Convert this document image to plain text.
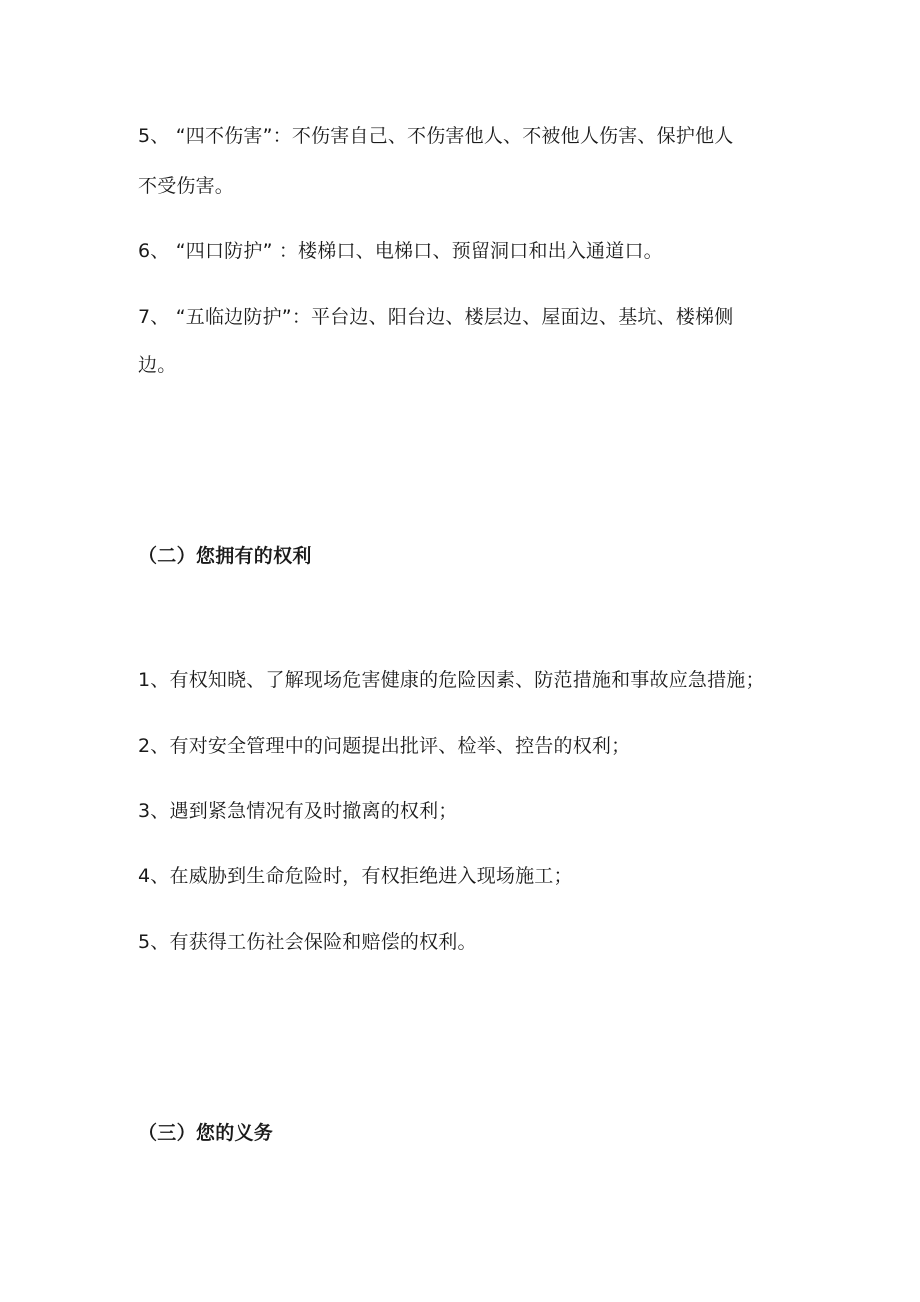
5、 “四不伤害”：不伤害自己、不伤害他人、不被他人伤害、保护他人
不受伤害。
6、 “四口防护” ：楼梯口、电梯口、预留洞口和出入通道口。
7、 “五临边防护”：平台边、阳台边、楼层边、屋面边、基坑、楼梯侧
边。
（二）您拥有的权利
1、有权知晓、了解现场危害健康的危险因素、防范措施和事故应急措施；
2、有对安全管理中的问题提出批评、检举、控告的权利；
3、遇到紧急情况有及时撤离的权利；
4、在威胁到生命危险时，有权拒绝进入现场施工；
5、有获得工伤社会保险和赔偿的权利。
（三）您的义务
